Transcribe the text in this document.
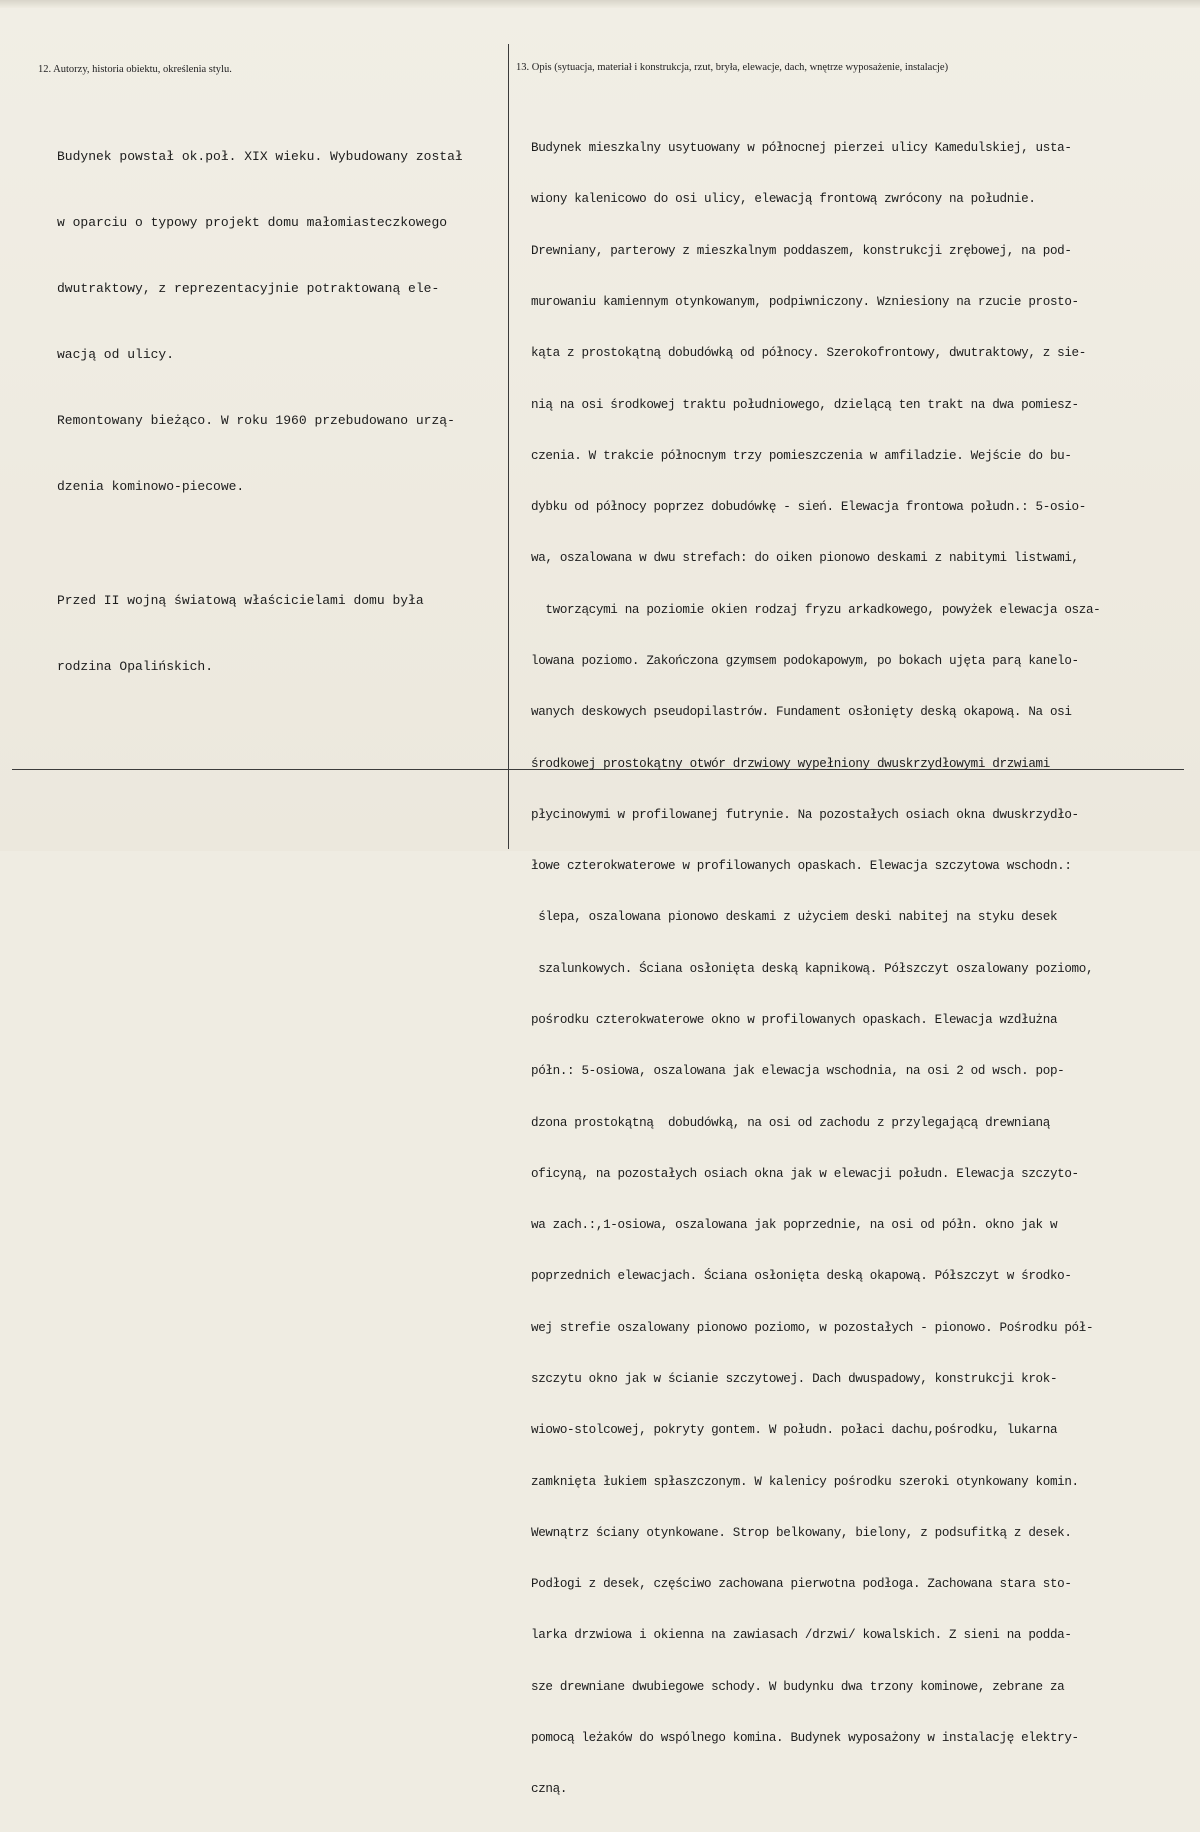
12. Autorzy, historia obiektu, określenia stylu.	13. Opis (sytuacja, materiał i konstrukcja, rzut, bryła, elewacje, dach, wnętrze wyposażenie, instalacje)

Budynek powstał ok.poł. XIX wieku. Wybudowany został

w oparciu o typowy projekt domu małomiasteczkowego

dwutraktowy, z reprezentacyjnie potraktowaną ele-

wacją od ulicy.

Remontowany bieżąco. W roku 1960 przebudowano urzą-

dzenia kominowo-piecowe.

Przed II wojną światową właścicielami domu była

rodzina Opalińskich.

Budynek mieszkalny usytuowany w północnej pierzei ulicy Kamedulskiej, usta-

wiony kalenicowo do osi ulicy, elewacją frontową zwrócony na południe.

Drewniany, parterowy z mieszkalnym poddaszem, konstrukcji zrębowej, na pod-

murowaniu kamiennym otynkowanym, podpiwniczony. Wzniesiony na rzucie prosto-

kąta z prostokątną dobudówką od północy. Szerokofrontowy, dwutraktowy, z sie-

nią na osi środkowej traktu południowego, dzielącą ten trakt na dwa pomiesz-

czenia. W trakcie północnym trzy pomieszczenia w amfiladzie. Wejście do bu-

dybku od północy poprzez dobudówkę - sień. Elewacja frontowa połudn.: 5-osio-

wa, oszalowana w dwu strefach: do oiken pionowo deskami z nabitymi listwami,

tworzącymi na poziomie okien rodzaj fryzu arkadkowego, powyżek elewacja osza-

lowana poziomo. Zakończona gzymsem podokapowym, po bokach ujęta parą kanelo-

wanych deskowych pseudopilastrów. Fundament osłonięty deską okapową. Na osi

środkowej prostokątny otwór drzwiowy wypełniony dwuskrzydłowymi drzwiami

płycinowymi w profilowanej futrynie. Na pozostałych osiach okna dwuskrzydło-

łowe czterokwaterowe w profilowanych opaskach. Elewacja szczytowa wschodn.:

ślepa, oszalowana pionowo deskami z użyciem deski nabitej na styku desek

szalunkowych. Ściana osłonięta deską kapnikową. Półszczyt oszalowany poziomo,

pośrodku czterokwaterowe okno w profilowanych opaskach. Elewacja wzdłużna

półn.: 5-osiowa, oszalowana jak elewacja wschodnia, na osi 2 od wsch. pop-

dzona prostokątną  dobudówką, na osi od zachodu z przylegającą drewnianą

oficyną, na pozostałych osiach okna jak w elewacji połudn. Elewacja szczyto-

wa zach.:,1-osiowa, oszalowana jak poprzednie, na osi od półn. okno jak w

poprzednich elewacjach. Ściana osłonięta deską okapową. Półszczyt w środko-

wej strefie oszalowany pionowo poziomo, w pozostałych - pionowo. Pośrodku pół-

szczytu okno jak w ścianie szczytowej. Dach dwuspadowy, konstrukcji krok-

wiowo-stolcowej, pokryty gontem. W połudn. połaci dachu,pośrodku, lukarna

zamknięta łukiem spłaszczonym. W kalenicy pośrodku szeroki otynkowany komin.

Wewnątrz ściany otynkowane. Strop belkowany, bielony, z podsufitką z desek.

Podłogi z desek, częściwo zachowana pierwotna podłoga. Zachowana stara sto-

larka drzwiowa i okienna na zawiasach /drzwi/ kowalskich. Z sieni na podda-

sze drewniane dwubiegowe schody. W budynku dwa trzony kominowe, zebrane za

pomocą leżaków do wspólnego komina. Budynek wyposażony w instalację elektry-

czną.
